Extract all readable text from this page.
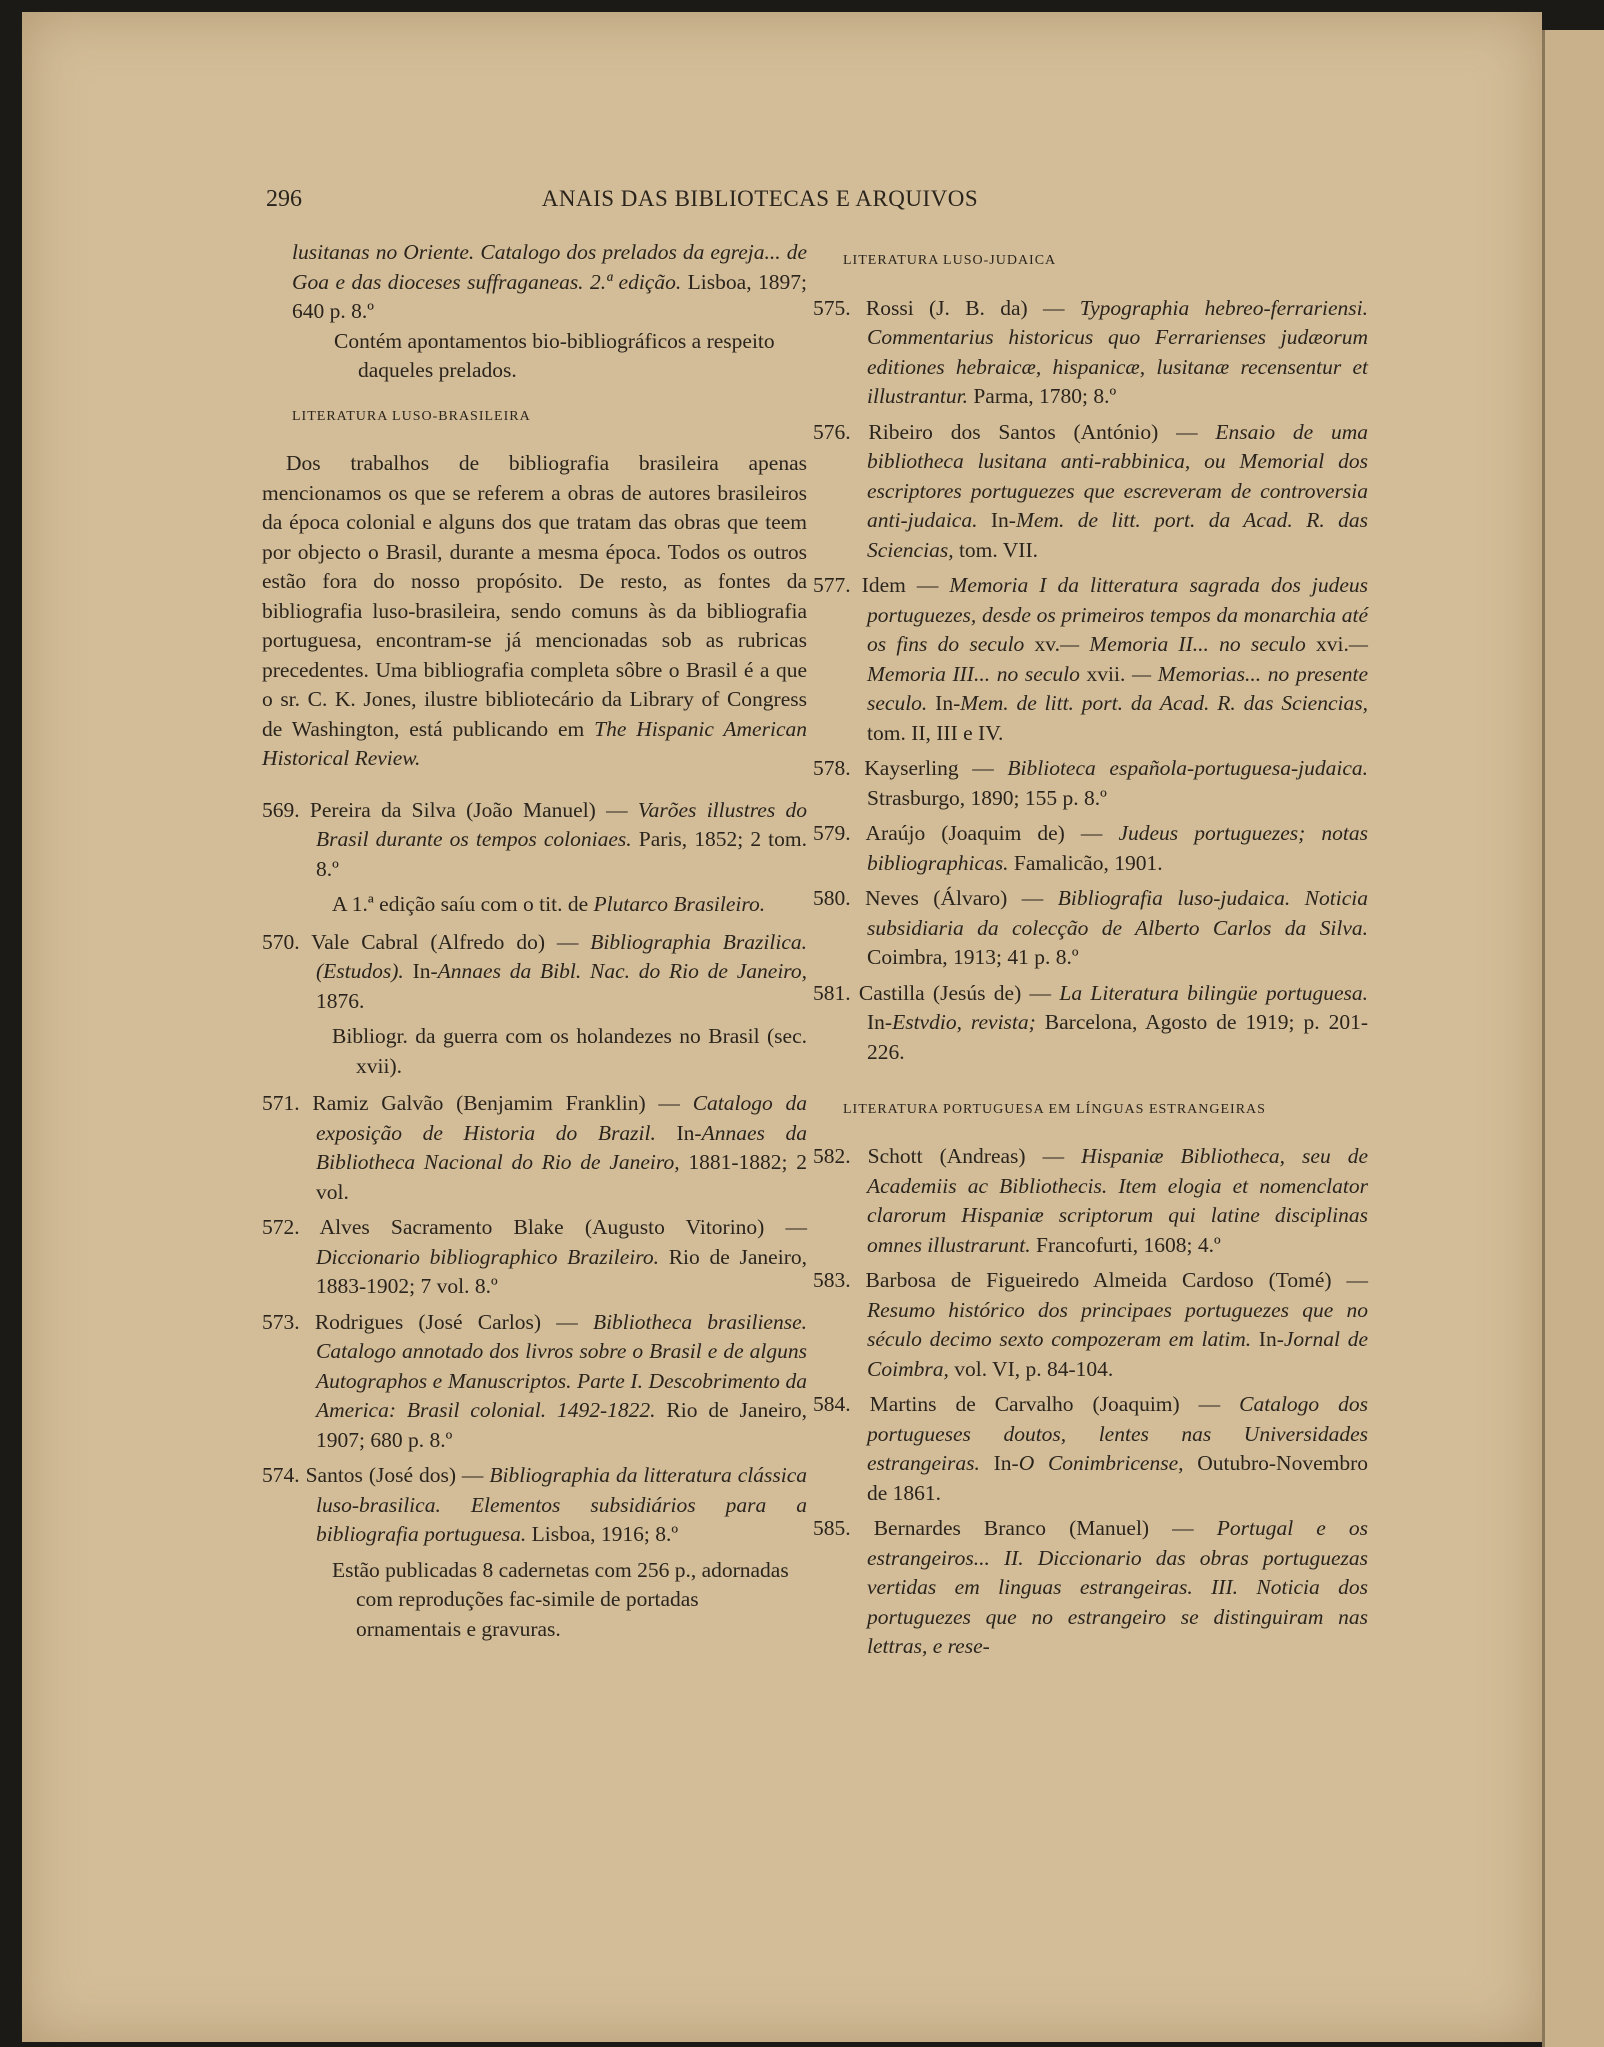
296	ANAIS DAS BIBLIOTECAS E ARQUIVOS
lusitanas no Oriente. Catalogo dos prelados da egreja... de Goa e das dioceses suffraganeas. 2.ª edição. Lisboa, 1897; 640 p. 8.º
Contém apontamentos bio-bibliográficos a respeito daqueles prelados.
LITERATURA LUSO-BRASILEIRA
Dos trabalhos de bibliografia brasileira apenas mencionamos os que se referem a obras de autores brasileiros da época colonial e alguns dos que tratam das obras que teem por objecto o Brasil, durante a mesma época. Todos os outros estão fora do nosso propósito. De resto, as fontes da bibliografia luso-brasileira, sendo comuns às da bibliografia portuguesa, encontram-se já mencionadas sob as rubricas precedentes. Uma bibliografia completa sôbre o Brasil é a que o sr. C. K. Jones, ilustre bibliotecário da Library of Congress de Washington, está publicando em The Hispanic American Historical Review.
569. Pereira da Silva (João Manuel) — Varões illustres do Brasil durante os tempos coloniaes. Paris, 1852; 2 tom. 8.º
A 1.ª edição saíu com o tit. de Plutarco Brasileiro.
570. Vale Cabral (Alfredo do) — Bibliographia Brazilica. (Estudos). In-Annaes da Bibl. Nac. do Rio de Janeiro, 1876.
Bibliogr. da guerra com os holandezes no Brasil (sec. xvii).
571. Ramiz Galvão (Benjamim Franklin) — Catalogo da exposição de Historia do Brazil. In-Annaes da Bibliotheca Nacional do Rio de Janeiro, 1881-1882; 2 vol.
572. Alves Sacramento Blake (Augusto Vitorino) — Diccionario bibliographico Brazileiro. Rio de Janeiro, 1883-1902; 7 vol. 8.º
573. Rodrigues (José Carlos) — Bibliotheca brasiliense. Catalogo annotado dos livros sobre o Brasil e de alguns Autographos e Manuscriptos. Parte I. Descobrimento da America: Brasil colonial. 1492-1822. Rio de Janeiro, 1907; 680 p. 8.º
574. Santos (José dos) — Bibliographia da litteratura clássica luso-brasilica. Elementos subsidiários para a bibliografia portuguesa. Lisboa, 1916; 8.º
Estão publicadas 8 cadernetas com 256 p., adornadas com reproduções fac-simile de portadas ornamentais e gravuras.
LITERATURA LUSO-JUDAICA
575. Rossi (J. B. da) — Typographia hebreo-ferrariensi. Commentarius historicus quo Ferrarienses judæorum editiones hebraicæ, hispanicæ, lusitanæ recensentur et illustrantur. Parma, 1780; 8.º
576. Ribeiro dos Santos (António) — Ensaio de uma bibliotheca lusitana anti-rabbinica, ou Memorial dos escriptores portuguezes que escreveram de controversia anti-judaica. In-Mem. de litt. port. da Acad. R. das Sciencias, tom. VII.
577. Idem — Memoria I da litteratura sagrada dos judeus portuguezes, desde os primeiros tempos da monarchia até os fins do seculo xv.— Memoria II... no seculo xvi.— Memoria III... no seculo xvii. — Memorias... no presente seculo. In-Mem. de litt. port. da Acad. R. das Sciencias, tom. II, III e IV.
578. Kayserling — Biblioteca española-portuguesa-judaica. Strasburgo, 1890; 155 p. 8.º
579. Araújo (Joaquim de) — Judeus portuguezes; notas bibliographicas. Famalicão, 1901.
580. Neves (Álvaro) — Bibliografia luso-judaica. Noticia subsidiaria da colecção de Alberto Carlos da Silva. Coimbra, 1913; 41 p. 8.º
581. Castilla (Jesús de) — La Literatura bilingüe portuguesa. In-Estvdio, revista; Barcelona, Agosto de 1919; p. 201-226.
LITERATURA PORTUGUESA EM LÍNGUAS ESTRANGEIRAS
582. Schott (Andreas) — Hispaniæ Bibliotheca, seu de Academiis ac Bibliothecis. Item elogia et nomenclator clarorum Hispaniæ scriptorum qui latine disciplinas omnes illustrarunt. Francofurti, 1608; 4.º
583. Barbosa de Figueiredo Almeida Cardoso (Tomé) — Resumo histórico dos principaes portuguezes que no século decimo sexto compozeram em latim. In-Jornal de Coimbra, vol. VI, p. 84-104.
584. Martins de Carvalho (Joaquim) — Catalogo dos portugueses doutos, lentes nas Universidades estrangeiras. In-O Conimbricense, Outubro-Novembro de 1861.
585. Bernardes Branco (Manuel) — Portugal e os estrangeiros... II. Diccionario das obras portuguezas vertidas em linguas estrangeiras. III. Noticia dos portuguezes que no estrangeiro se distinguiram nas lettras, e rese-
